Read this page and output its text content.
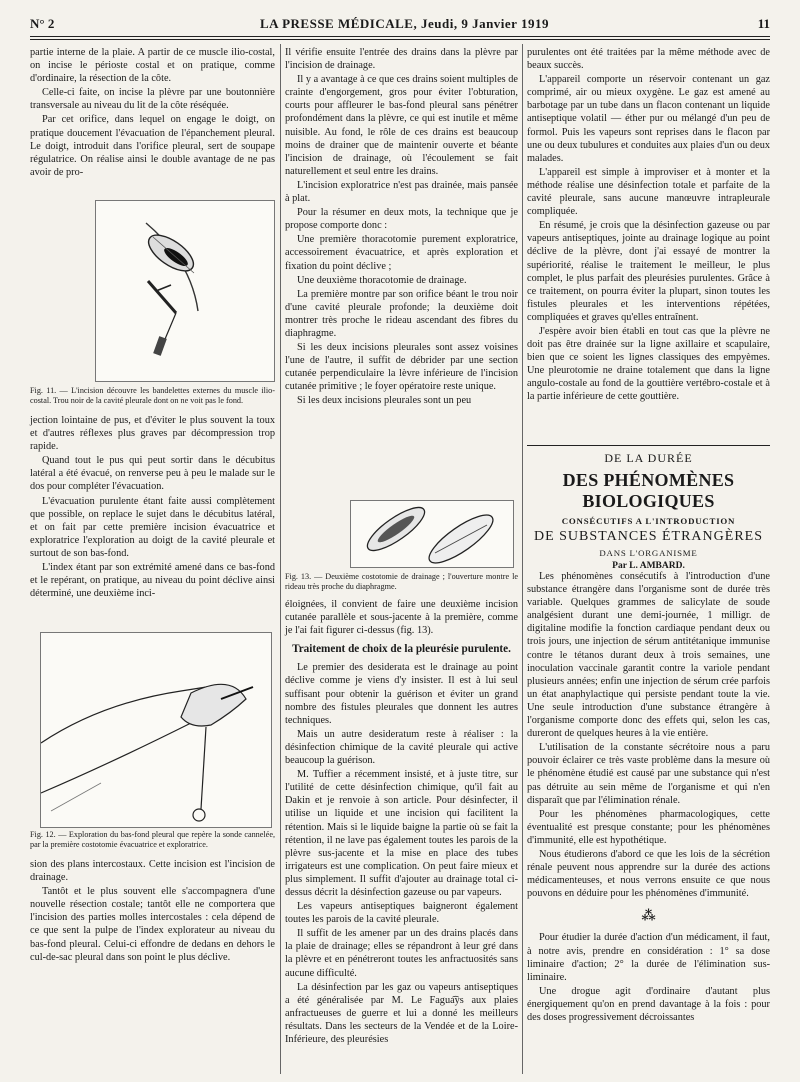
N° 2	LA PRESSE MÉDICALE, Jeudi, 9 Janvier 1919	11

partie interne de la plaie. A partir de ce muscle ilio-costal, on incise le périoste costal et on pratique, comme d'ordinaire, la résection de la côte.

Celle-ci faite, on incise la plèvre par une boutonnière transversale au niveau du lit de la côte réséquée.

Par cet orifice, dans lequel on engage le doigt, on pratique doucement l'évacuation de l'épanchement pleural. Le doigt, introduit dans l'orifice pleural, sert de soupape régulatrice. On réalise ainsi le double avantage de ne pas avoir de pro-

Fig. 11. — L'incision découvre les bandelettes externes du muscle ilio-costal. Trou noir de la cavité pleurale dont on ne voit pas le fond.

jection lointaine de pus, et d'éviter le plus souvent la toux et d'autres réflexes plus graves par décompression trop rapide.

Quand tout le pus qui peut sortir dans le décubitus latéral a été évacué, on renverse peu à peu le malade sur le dos pour compléter l'évacuation.

L'évacuation purulente étant faite aussi complètement que possible, on replace le sujet dans le décubitus latéral, et on fait par cette première incision évacuatrice et exploratrice l'exploration au doigt de la cavité pleurale et surtout de son bas-fond.

L'index étant par son extrémité amené dans ce bas-fond et le repérant, on pratique, au niveau du point déclive ainsi déterminé, une deuxième inci-

Fig. 12. — Exploration du bas-fond pleural que repère la sonde cannelée, par la première costotomie évacuatrice et exploratrice.

sion des plans intercostaux. Cette incision est l'incision de drainage.

Tantôt et le plus souvent elle s'accompagnera d'une nouvelle résection costale; tantôt elle ne comportera que l'incision des parties molles intercostales : cela dépend de ce que sent la pulpe de l'index explorateur au niveau du bas-fond pleural. Celui-ci effondre de dedans en dehors le cul-de-sac pleural dans son point le plus déclive.

Il vérifie ensuite l'entrée des drains dans la plèvre par l'incision de drainage.

Il y a avantage à ce que ces drains soient multiples de crainte d'engorgement, gros pour éviter l'obturation, courts pour affleurer le bas-fond pleural sans pénétrer profondément dans la plèvre, ce qui est inutile et même nuisible. Au fond, le rôle de ces drains est beaucoup moins de drainer que de maintenir ouverte et béante l'incision de drainage, où l'écoulement se fait naturellement et seul entre les drains.

L'incision exploratrice n'est pas drainée, mais pansée à plat.

Pour la résumer en deux mots, la technique que je propose comporte donc :

Une première thoracotomie purement exploratrice, accessoirement évacuatrice, et après exploration et fixation du point déclive ;

Une deuxième thoracotomie de drainage.

La première montre par son orifice béant le trou noir d'une cavité pleurale profonde; la deuxième doit montrer très proche le rideau ascendant des fibres du diaphragme.

Si les deux incisions pleurales sont assez voisines l'une de l'autre, il suffit de débrider par une section cutanée perpendiculaire la lèvre inférieure de l'incision cutanée primitive ; le foyer opératoire reste unique.

Si les deux incisions pleurales sont un peu

Fig. 13. — Deuxième costotomie de drainage ; l'ouverture montre le rideau très proche du diaphragme.

éloignées, il convient de faire une deuxième incision cutanée parallèle et sous-jacente à la première, comme je l'ai fait figurer ci-dessus (fig. 13).

Traitement de choix de la pleurésie purulente.

Le premier des desiderata est le drainage au point déclive comme je viens d'y insister. Il est à lui seul suffisant pour obtenir la guérison et éviter un grand nombre des fistules pleurales que donnent les autres techniques.

Mais un autre desideratum reste à réaliser : la désinfection chimique de la cavité pleurale qui active beaucoup la guérison.

M. Tuffier a récemment insisté, et à juste titre, sur l'utilité de cette désinfection chimique, qu'il fait au Dakin et je renvoie à son article. Pour désinfecter, il utilise un liquide et une incision qui facilitent la rétention. Mais si le liquide baigne la partie où se fait la rétention, il ne lave pas également toutes les parois de la plèvre sus-jacente et la mise en place des tubes irrigateurs est une complication. On peut faire mieux et plus simplement. Il suffit d'ajouter au drainage total ci-dessus décrit la désinfection gazeuse ou par vapeurs.

Les vapeurs antiseptiques baigneront également toutes les parois de la cavité pleurale.

Il suffit de les amener par un des drains placés dans la plaie de drainage; elles se répandront à leur gré dans la plèvre et en pénétreront toutes les anfractuosités sans aucune difficulté.

La désinfection par les gaz ou vapeurs antiseptiques a été généralisée par M. Le Fagua͡ys aux plaies anfractueuses de guerre et lui a donné les meilleurs résultats. Dans les secteurs de la Vendée et de la Loire-Inférieure, des pleurésies

purulentes ont été traitées par la même méthode avec de beaux succès.

L'appareil comporte un réservoir contenant un gaz comprimé, air ou mieux oxygène. Le gaz est amené au barbotage par un tube dans un flacon contenant un liquide antiseptique volatil — éther pur ou mélangé d'un peu de formol. Puis les vapeurs sont reprises dans le flacon par une ou deux tubulures et conduites aux plaies d'un ou deux malades.

L'appareil est simple à improviser et à monter et la méthode réalise une désinfection totale et parfaite de la cavité pleurale, sans aucune manœuvre intrapleurale compliquée.

En résumé, je crois que la désinfection gazeuse ou par vapeurs antiseptiques, jointe au drainage logique au point déclive de la plèvre, dont j'ai essayé de montrer la supériorité, réalise le traitement le meilleur, le plus complet, le plus parfait des pleurésies purulentes. Grâce à ce traitement, on pourra éviter la plupart, sinon toutes les fistules pleurales et les interventions répétées, compliquées et graves qu'elles entraînent.

J'espère avoir bien établi en tout cas que la plèvre ne doit pas être drainée sur la ligne axillaire et scapulaire, bien que ce soient les lignes classiques des empyèmes. Une pleurotomie ne draine totalement que dans la ligne angulo-costale au fond de la gouttière vertébro-costale et à la partie inférieure de cette gouttière.

DE LA DURÉE
DES PHÉNOMÈNES BIOLOGIQUES
CONSÉCUTIFS A L'INTRODUCTION
DE SUBSTANCES ÉTRANGÈRES
DANS L'ORGANISME
Par L. AMBARD.

Les phénomènes consécutifs à l'introduction d'une substance étrangère dans l'organisme sont de durée très variable. Quelques grammes de salicylate de soude analgésient durant une demi-journée, 1 milligr. de digitaline modifie la fonction cardiaque pendant deux ou trois jours, une injection de sérum antitétanique immunise contre le tétanos durant deux à trois semaines, une inoculation vaccinale garantit contre la variole pendant plusieurs années; enfin une injection de sérum crée parfois un état anaphylactique qui persiste pendant toute la vie. Une seule introduction d'une substance étrangère à l'organisme comporte donc des effets qui, selon les cas, dureront de quelques heures à la vie entière.

L'utilisation de la constante sécrétoire nous a paru pouvoir éclairer ce très vaste problème dans la mesure où le phénomène étudié est causé par une substance qui n'est pas détruite au sein même de l'organisme et qui n'en disparaît que par l'élimination rénale.

Pour les phénomènes pharmacologiques, cette éventualité est presque constante; pour les phénomènes d'immunité, elle est hypothétique.

Nous étudierons d'abord ce que les lois de la sécrétion rénale peuvent nous apprendre sur la durée des actions médicamenteuses, et nous verrons ensuite ce que nous pouvons en déduire pour les phénomènes d'immunité.

⁂

Pour étudier la durée d'action d'un médicament, il faut, à notre avis, prendre en considération : 1° sa dose liminaire d'action; 2° la durée de l'élimination sus-liminaire.

Une drogue agit d'ordinaire d'autant plus énergiquement qu'on en prend davantage à la fois : pour des doses progressivement décroissantes
